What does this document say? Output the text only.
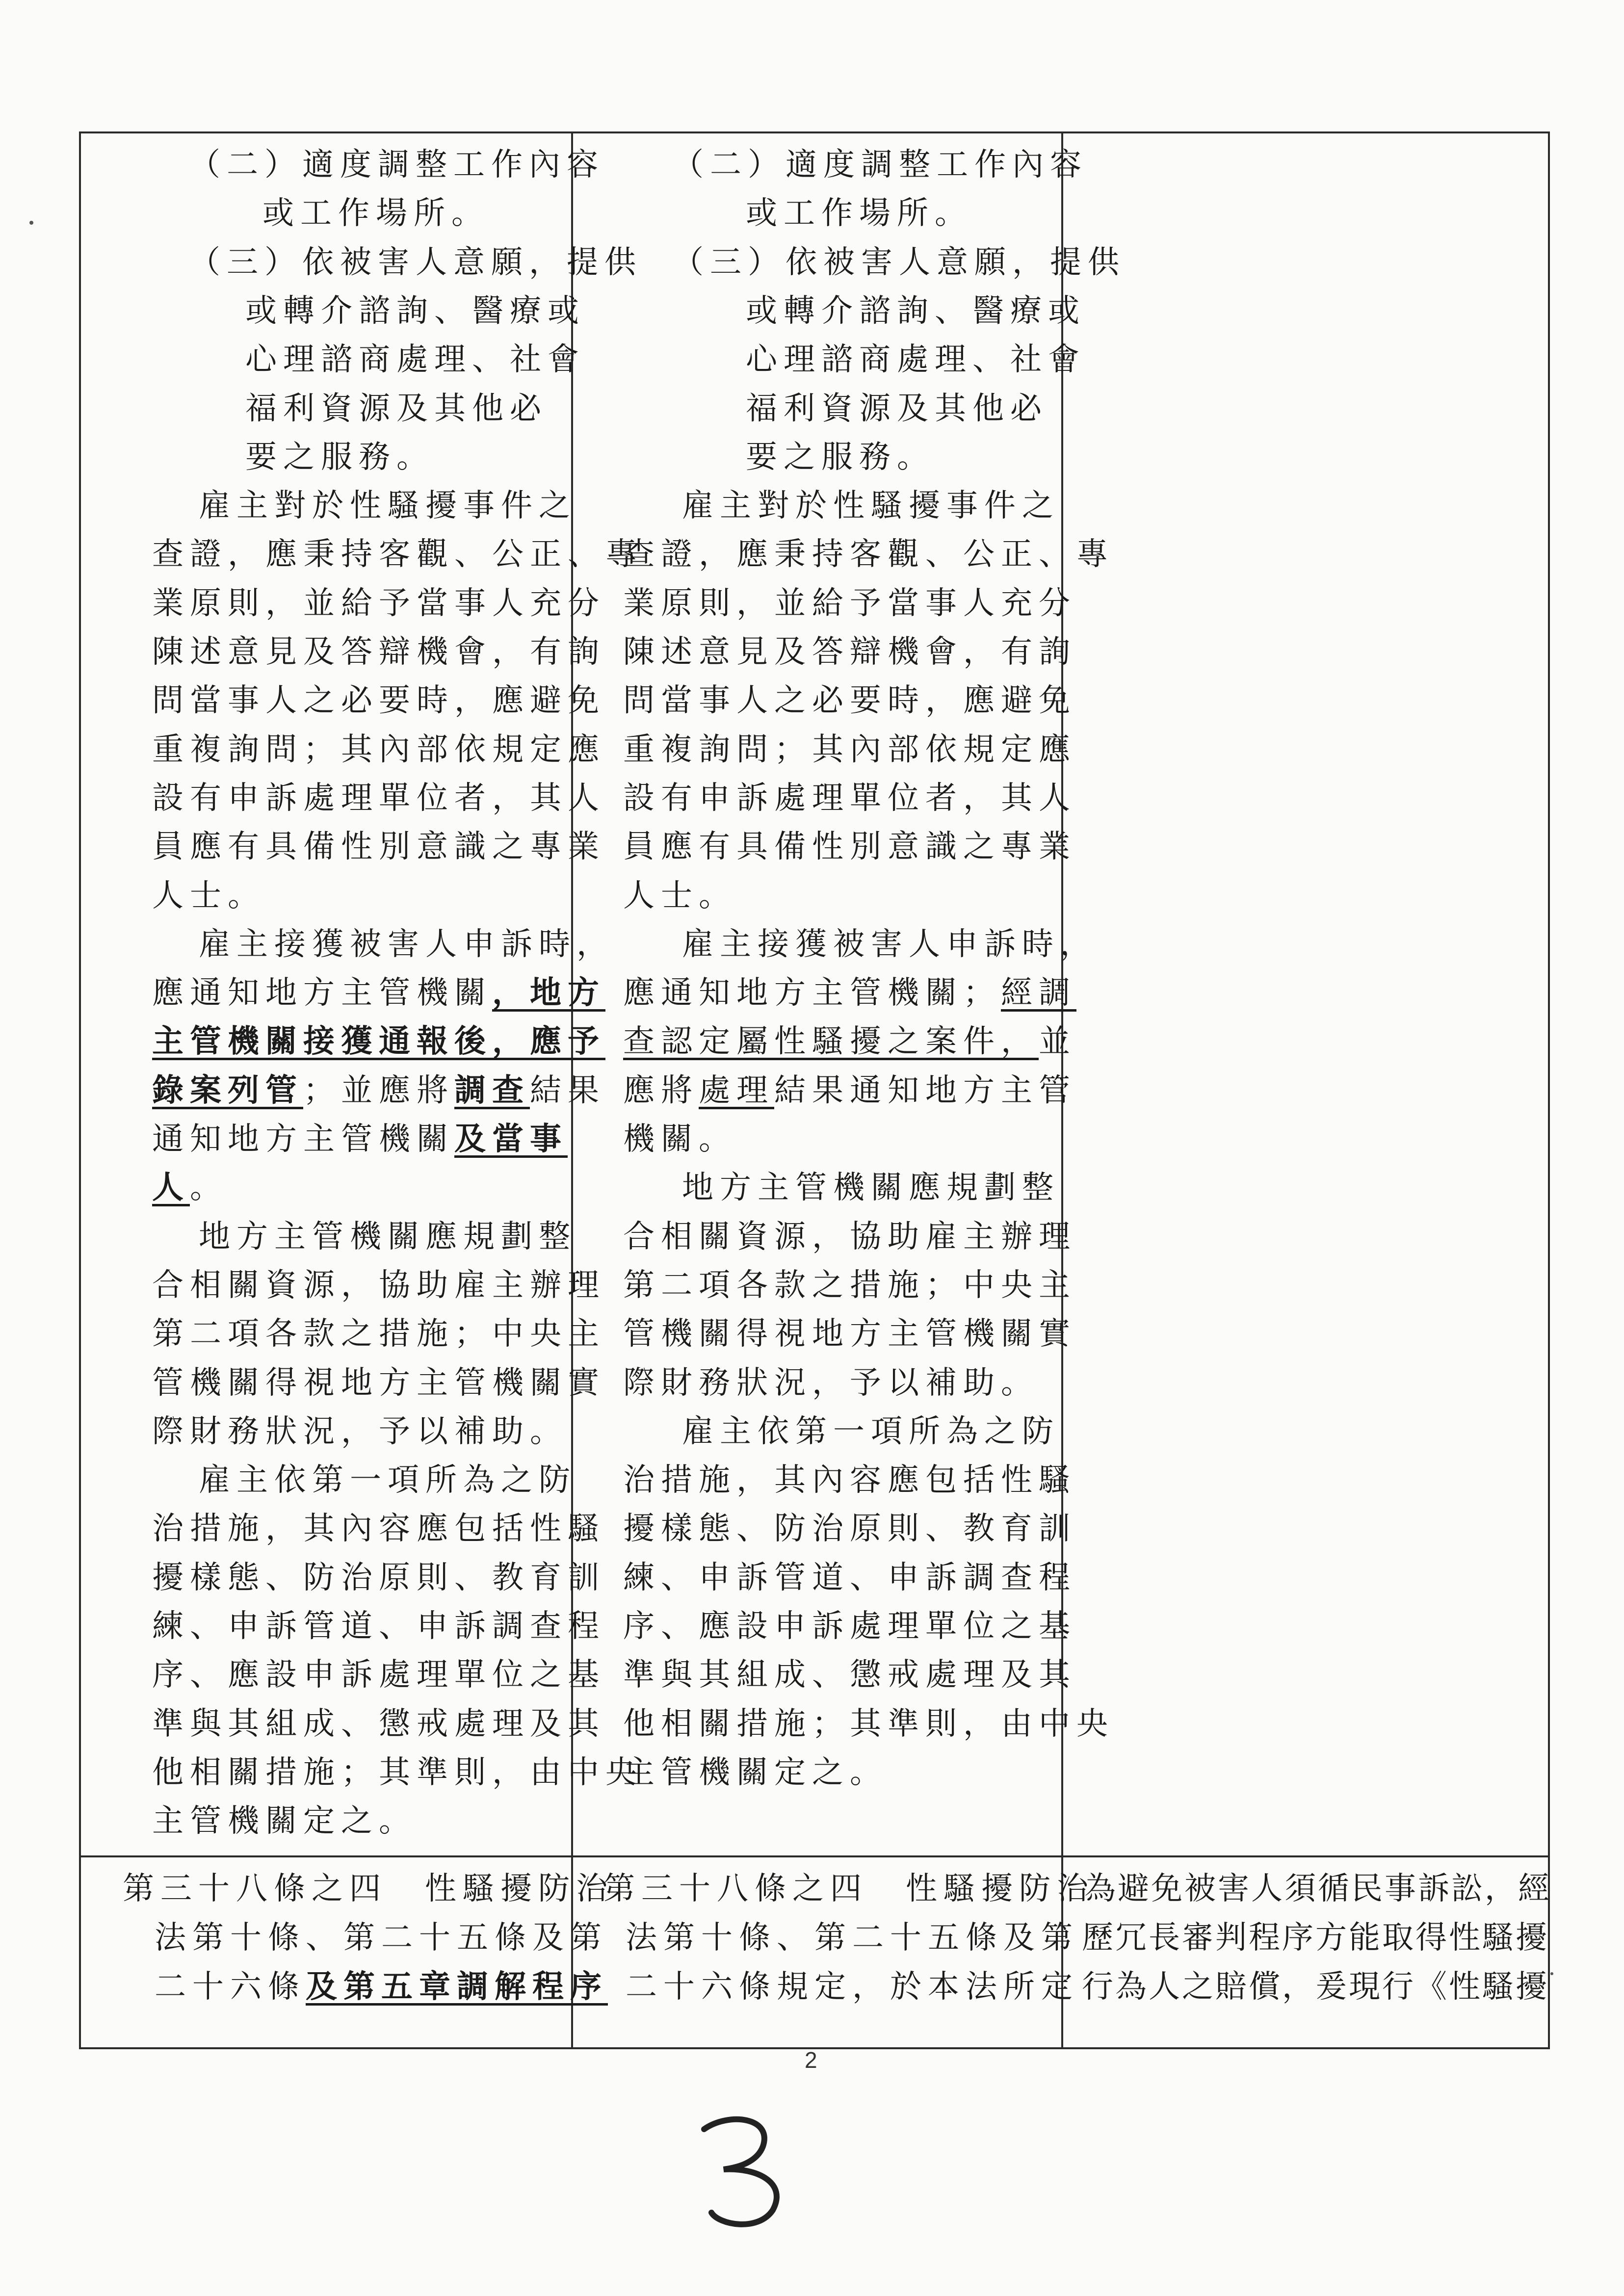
（二）適度調整工作內容
或工作場所。
（三）依被害人意願，提供
或轉介諮詢、醫療或
心理諮商處理、社會
福利資源及其他必
要之服務。
雇主對於性騷擾事件之
查證，應秉持客觀、公正、專
業原則，並給予當事人充分
陳述意見及答辯機會，有詢
問當事人之必要時，應避免
重複詢問；其內部依規定應
設有申訴處理單位者，其人
員應有具備性別意識之專業
人士。
雇主接獲被害人申訴時，
應通知地方主管機關，地方
主管機關接獲通報後，應予
錄案列管；並應將調查結果
通知地方主管機關及當事
人。
地方主管機關應規劃整
合相關資源，協助雇主辦理
第二項各款之措施；中央主
管機關得視地方主管機關實
際財務狀況，予以補助。
雇主依第一項所為之防
治措施，其內容應包括性騷
擾樣態、防治原則、教育訓
練、申訴管道、申訴調查程
序、應設申訴處理單位之基
準與其組成、懲戒處理及其
他相關措施；其準則，由中央
主管機關定之。
（二）適度調整工作內容
或工作場所。
（三）依被害人意願，提供
或轉介諮詢、醫療或
心理諮商處理、社會
福利資源及其他必
要之服務。
雇主對於性騷擾事件之
查證，應秉持客觀、公正、專
業原則，並給予當事人充分
陳述意見及答辯機會，有詢
問當事人之必要時，應避免
重複詢問；其內部依規定應
設有申訴處理單位者，其人
員應有具備性別意識之專業
人士。
雇主接獲被害人申訴時，
應通知地方主管機關；經調
查認定屬性騷擾之案件，並
應將處理結果通知地方主管
機關。
地方主管機關應規劃整
合相關資源，協助雇主辦理
第二項各款之措施；中央主
管機關得視地方主管機關實
際財務狀況，予以補助。
雇主依第一項所為之防
治措施，其內容應包括性騷
擾樣態、防治原則、教育訓
練、申訴管道、申訴調查程
序、應設申訴處理單位之基
準與其組成、懲戒處理及其
他相關措施；其準則，由中央
主管機關定之。
第三十八條之四　性騷擾防治
法第十條、第二十五條及第
二十六條及第五章調解程序
第三十八條之四　性騷擾防治
法第十條、第二十五條及第
二十六條規定，於本法所定
為避免被害人須循民事訴訟，經
歷冗長審判程序方能取得性騷擾
行為人之賠償，爰現行《性騷擾
2
